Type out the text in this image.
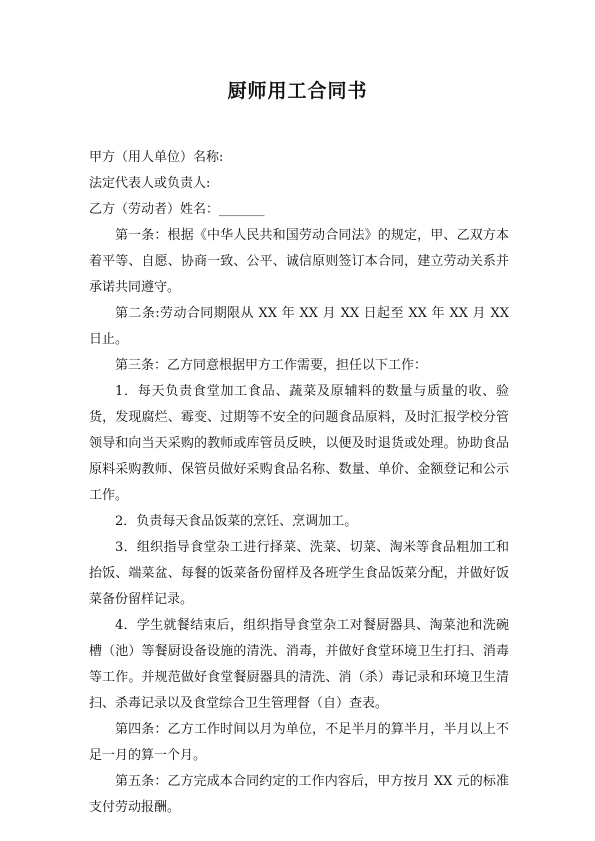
厨师用工合同书
甲方（用人单位）名称:
法定代表人或负责人:
乙方（劳动者）姓名：_______
第一条：根据《中华人民共和国劳动合同法》的规定，甲、乙双方本着平等、自愿、协商一致、公平、诚信原则签订本合同，建立劳动关系并承诺共同遵守。
第二条:劳动合同期限从 XX 年 XX 月 XX 日起至 XX 年 XX 月 XX 日止。
第三条：乙方同意根据甲方工作需要，担任以下工作：
1．每天负责食堂加工食品、蔬菜及原辅料的数量与质量的收、验货，发现腐烂、霉变、过期等不安全的问题食品原料，及时汇报学校分管领导和向当天采购的教师或库管员反映，以便及时退货或处理。协助食品原料采购教师、保管员做好采购食品名称、数量、单价、金额登记和公示工作。
2．负责每天食品饭菜的烹饪、烹调加工。
3．组织指导食堂杂工进行择菜、洗菜、切菜、淘米等食品粗加工和抬饭、端菜盆、每餐的饭菜备份留样及各班学生食品饭菜分配，并做好饭菜备份留样记录。
4．学生就餐结束后，组织指导食堂杂工对餐厨器具、淘菜池和洗碗槽（池）等餐厨设备设施的清洗、消毒，并做好食堂环境卫生打扫、消毒等工作。并规范做好食堂餐厨器具的清洗、消（杀）毒记录和环境卫生清扫、杀毒记录以及食堂综合卫生管理督（自）查表。
第四条：乙方工作时间以月为单位，不足半月的算半月，半月以上不足一月的算一个月。
第五条：乙方完成本合同约定的工作内容后，甲方按月 XX 元的标准支付劳动报酬。
